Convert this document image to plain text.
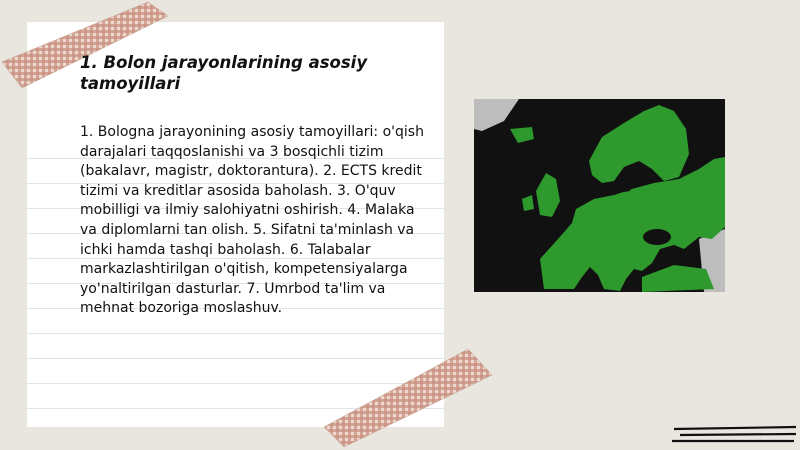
1. Bolon jarayonlarining asosiy tamoyillari
1. Bologna jarayonining asosiy tamoyillari: o'qish darajalari taqqoslanishi va 3 bosqichli tizim (bakalavr, magistr, doktorantura). 2. ECTS kredit tizimi va kreditlar asosida baholash. 3. O'quv mobilligi va ilmiy salohiyatni oshirish. 4. Malaka va diplomlarni tan olish. 5. Sifatni ta'minlash va ichki hamda tashqi baholash. 6. Talabalar markazlashtirilgan o'qitish, kompetensiyalarga yo'naltirilgan dasturlar. 7. Umrbod ta'lim va mehnat bozoriga moslashuv.
